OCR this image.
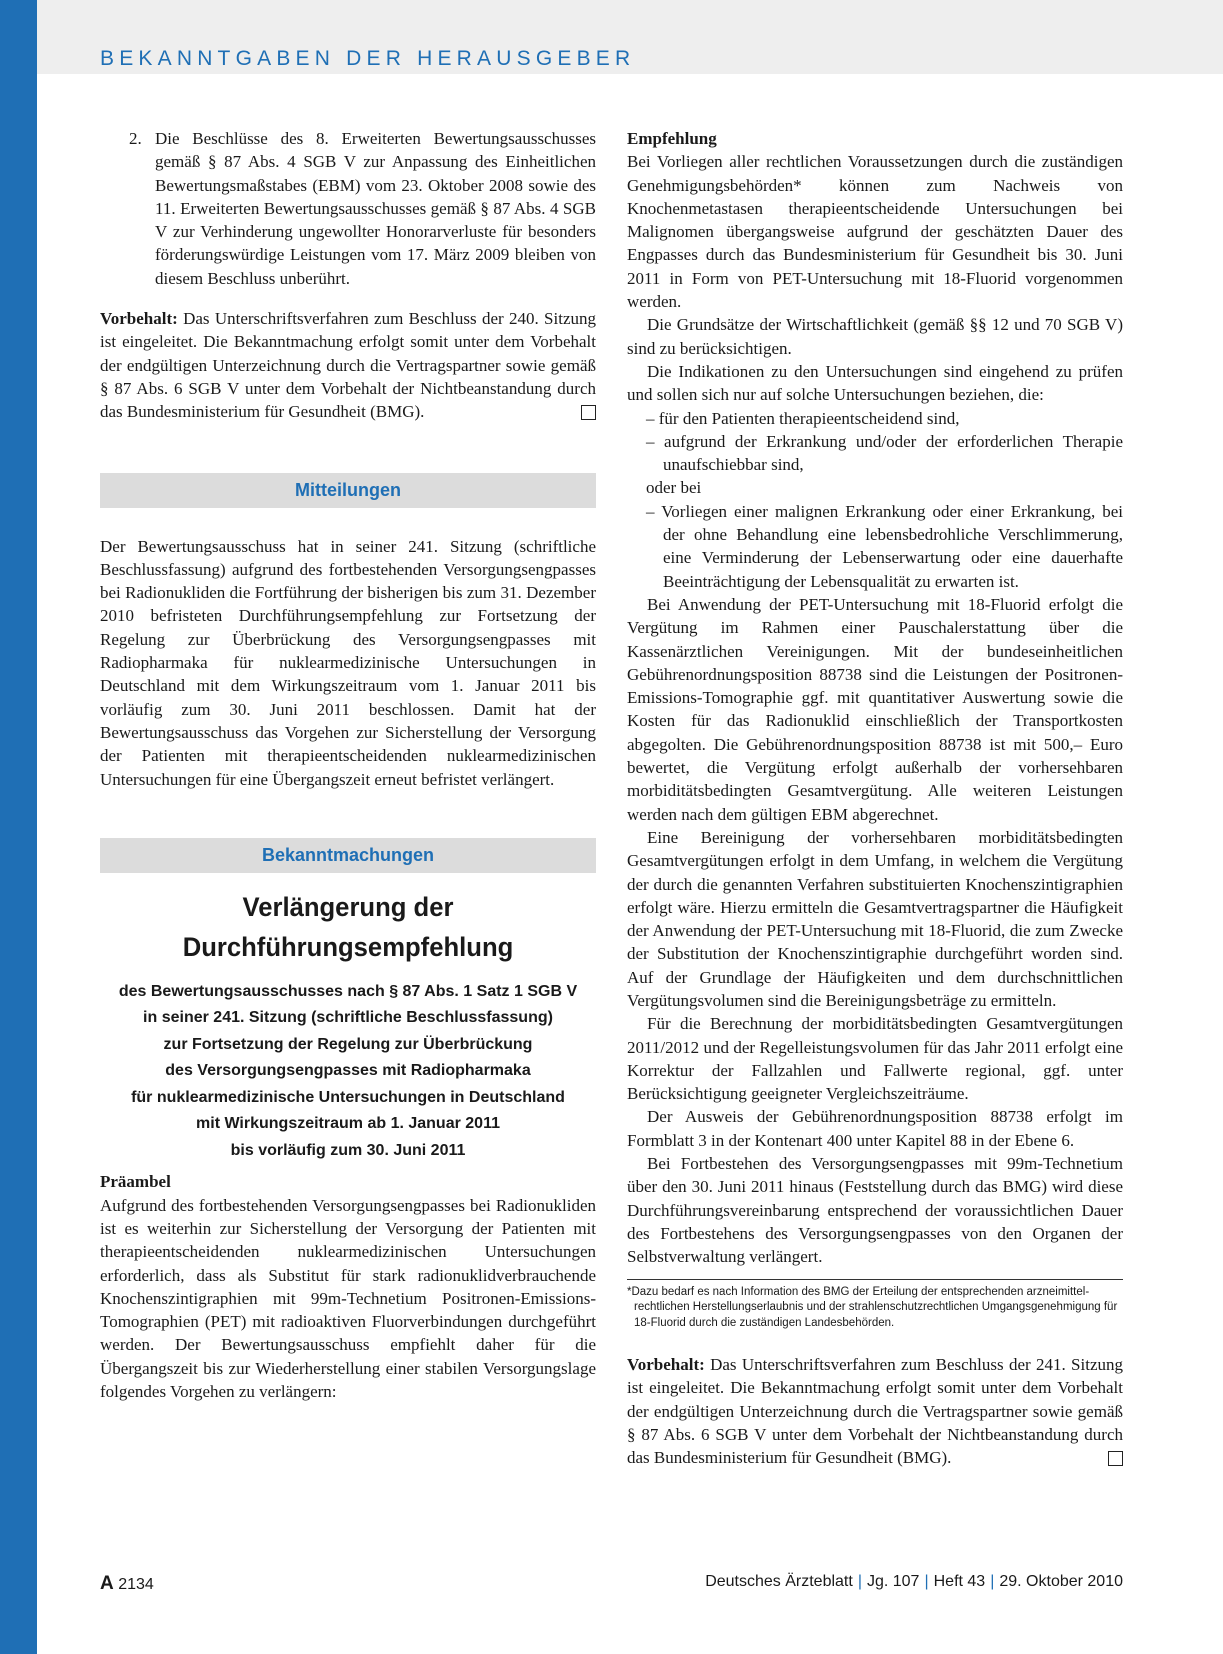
BEKANNTGABEN DER HERAUSGEBER

2. Die Beschlüsse des 8. Erweiterten Bewertungsausschusses gemäß § 87 Abs. 4 SGB V zur Anpassung des Einheitlichen Bewertungsmaßstabes (EBM) vom 23. Oktober 2008 sowie des 11. Erweiterten Bewertungsausschusses gemäß § 87 Abs. 4 SGB V zur Verhinderung ungewollter Honorarverluste für besonders förderungswürdige Leistungen vom 17. März 2009 bleiben von diesem Beschluss unberührt.

Vorbehalt: Das Unterschriftsverfahren zum Beschluss der 240. Sitzung ist eingeleitet. Die Bekanntmachung erfolgt somit unter dem Vorbehalt der endgültigen Unterzeichnung durch die Vertragspartner sowie gemäß § 87 Abs. 6 SGB V unter dem Vorbehalt der Nichtbeanstandung durch das Bundesministerium für Gesundheit (BMG).

Mitteilungen

Der Bewertungsausschuss hat in seiner 241. Sitzung (schriftliche Beschlussfassung) aufgrund des fortbestehenden Versorgungsengpasses bei Radionukliden die Fortführung der bisherigen bis zum 31. Dezember 2010 befristeten Durchführungsempfehlung zur Fortsetzung der Regelung zur Überbrückung des Versorgungsengpasses mit Radiopharmaka für nuklearmedizinische Untersuchungen in Deutschland mit dem Wirkungszeitraum vom 1. Januar 2011 bis vorläufig zum 30. Juni 2011 beschlossen. Damit hat der Bewertungsausschuss das Vorgehen zur Sicherstellung der Versorgung der Patienten mit therapieentscheidenden nuklearmedizinischen Untersuchungen für eine Übergangszeit erneut befristet verlängert.

Bekanntmachungen

Verlängerung der

Durchführungsempfehlung

des Bewertungsausschusses nach § 87 Abs. 1 Satz 1 SGB V

in seiner 241. Sitzung (schriftliche Beschlussfassung)

zur Fortsetzung der Regelung zur Überbrückung

des Versorgungsengpasses mit Radiopharmaka

für nuklearmedizinische Untersuchungen in Deutschland

mit Wirkungszeitraum ab 1. Januar 2011

bis vorläufig zum 30. Juni 2011

Präambel

Aufgrund des fortbestehenden Versorgungsengpasses bei Radionukliden ist es weiterhin zur Sicherstellung der Versorgung der Patienten mit therapieentscheidenden nuklearmedizinischen Untersuchungen erforderlich, dass als Substitut für stark radionuklidverbrauchende Knochenszintigraphien mit 99m-Technetium Positronen-Emissions-Tomographien (PET) mit radioaktiven Fluorverbindungen durchgeführt werden. Der Bewertungsausschuss empfiehlt daher für die Übergangszeit bis zur Wiederherstellung einer stabilen Versorgungslage folgendes Vorgehen zu verlängern:

Empfehlung

Bei Vorliegen aller rechtlichen Voraussetzungen durch die zuständigen Genehmigungsbehörden* können zum Nachweis von Knochenmetastasen therapieentscheidende Untersuchungen bei Malignomen übergangsweise aufgrund der geschätzten Dauer des Engpasses durch das Bundesministerium für Gesundheit bis 30. Juni 2011 in Form von PET-Untersuchung mit 18-Fluorid vorgenommen werden.

Die Grundsätze der Wirtschaftlichkeit (gemäß §§ 12 und 70 SGB V) sind zu berücksichtigen.

Die Indikationen zu den Untersuchungen sind eingehend zu prüfen und sollen sich nur auf solche Untersuchungen beziehen, die:

– für den Patienten therapieentscheidend sind,

– aufgrund der Erkrankung und/oder der erforderlichen Therapie unaufschiebbar sind,

oder bei

– Vorliegen einer malignen Erkrankung oder einer Erkrankung, bei der ohne Behandlung eine lebensbedrohliche Verschlimmerung, eine Verminderung der Lebenserwartung oder eine dauerhafte Beeinträchtigung der Lebensqualität zu erwarten ist.

Bei Anwendung der PET-Untersuchung mit 18-Fluorid erfolgt die Vergütung im Rahmen einer Pauschalerstattung über die Kassenärztlichen Vereinigungen. Mit der bundeseinheitlichen Gebührenordnungsposition 88738 sind die Leistungen der Positronen-Emissions-Tomographie ggf. mit quantitativer Auswertung sowie die Kosten für das Radionuklid einschließlich der Transportkosten abgegolten. Die Gebührenordnungsposition 88738 ist mit 500,– Euro bewertet, die Vergütung erfolgt außerhalb der vorhersehbaren morbiditätsbedingten Gesamtvergütung. Alle weiteren Leistungen werden nach dem gültigen EBM abgerechnet.

Eine Bereinigung der vorhersehbaren morbiditätsbedingten Gesamtvergütungen erfolgt in dem Umfang, in welchem die Vergütung der durch die genannten Verfahren substituierten Knochenszintigraphien erfolgt wäre. Hierzu ermitteln die Gesamtvertragspartner die Häufigkeit der Anwendung der PET-Untersuchung mit 18-Fluorid, die zum Zwecke der Substitution der Knochenszintigraphie durchgeführt worden sind. Auf der Grundlage der Häufigkeiten und dem durchschnittlichen Vergütungsvolumen sind die Bereinigungsbeträge zu ermitteln.

Für die Berechnung der morbiditätsbedingten Gesamtvergütungen 2011/2012 und der Regelleistungsvolumen für das Jahr 2011 erfolgt eine Korrektur der Fallzahlen und Fallwerte regional, ggf. unter Berücksichtigung geeigneter Vergleichszeiträume.

Der Ausweis der Gebührenordnungsposition 88738 erfolgt im Formblatt 3 in der Kontenart 400 unter Kapitel 88 in der Ebene 6.

Bei Fortbestehen des Versorgungsengpasses mit 99m-Technetium über den 30. Juni 2011 hinaus (Feststellung durch das BMG) wird diese Durchführungsvereinbarung entsprechend der voraussichtlichen Dauer des Fortbestehens des Versorgungsengpasses von den Organen der Selbstverwaltung verlängert.

*Dazu bedarf es nach Information des BMG der Erteilung der entsprechenden arzneimittel-
rechtlichen Herstellungserlaubnis und der strahlenschutzrechtlichen Umgangsgenehmigung für 18-Fluorid durch die zuständigen Landesbehörden.

Vorbehalt: Das Unterschriftsverfahren zum Beschluss der 241. Sitzung ist eingeleitet. Die Bekanntmachung erfolgt somit unter dem Vorbehalt der endgültigen Unterzeichnung durch die Vertragspartner sowie gemäß § 87 Abs. 6 SGB V unter dem Vorbehalt der Nichtbeanstandung durch das Bundesministerium für Gesundheit (BMG).

A 2134	Deutsches Ärzteblatt | Jg. 107 | Heft 43 | 29. Oktober 2010
